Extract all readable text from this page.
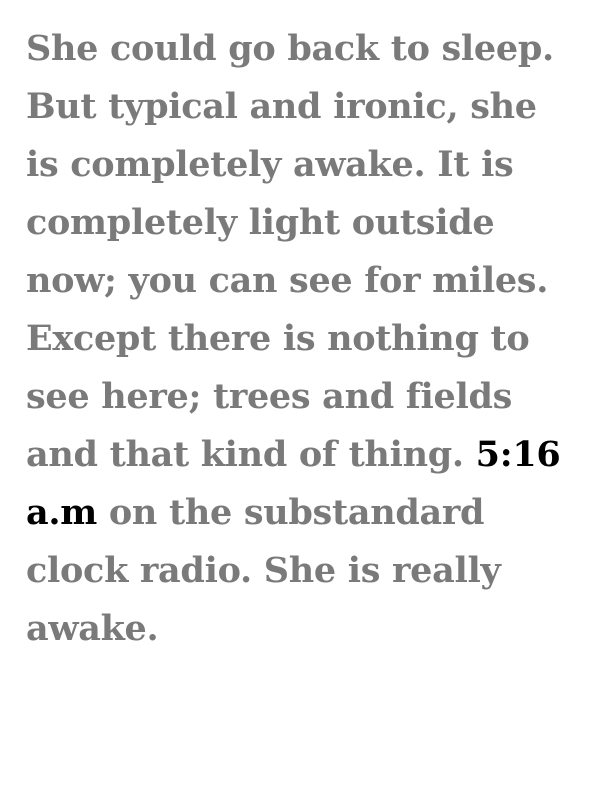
She could go back to sleep. But typical and ironic, she is completely awake. It is completely light outside now; you can see for miles. Except there is nothing to see here; trees and fields and that kind of thing. 5:16 a.m on the substandard clock radio. She is really awake.
